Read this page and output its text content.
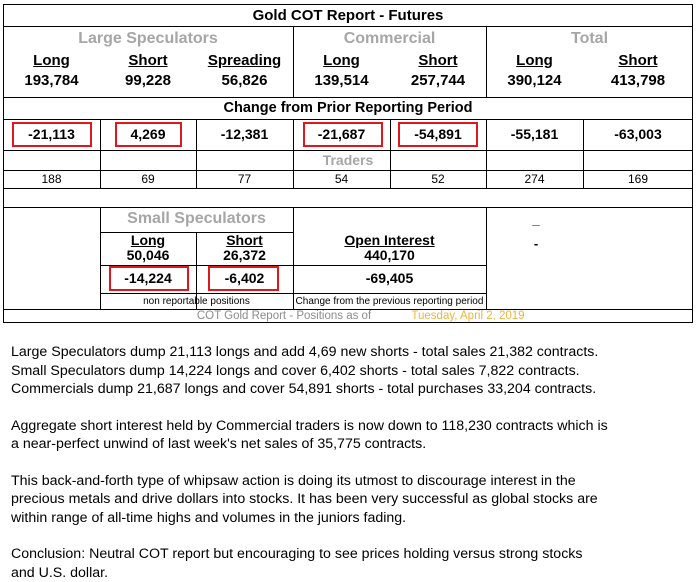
Gold COT Report - Futures
Large Speculators	Commercial	Total
Long	Short	Spreading	Long	Short	Long	Short
193,784	99,228	56,826	139,514	257,744	390,124	413,798
Change from Prior Reporting Period
-21,113	4,269	-12,381	-21,687	-54,891	-55,181	-63,003
Traders
188	69	77	54	52	274	169
Small Speculators
Long	Short
50,046	26,372
-14,224	-6,402
non reportable positions
Open Interest
440,170
-69,405
Change from the previous reporting period
_
-
COT Gold Report - Positions as of	Tuesday, April 2, 2019

Large Speculators dump 21,113 longs and add 4,69 new shorts - total sales 21,382 contracts.
Small Speculators dump 14,224 longs and cover 6,402 shorts - total sales 7,822 contracts.
Commercials dump 21,687 longs and cover 54,891 shorts - total purchases 33,204 contracts.

Aggregate short interest held by Commercial traders is now down to 118,230 contracts which is
a near-perfect unwind of last week's net sales of 35,775 contracts.

This back-and-forth type of whipsaw action is doing its utmost to discourage interest in the
precious metals and drive dollars into stocks. It has been very successful as global stocks are
within range of all-time highs and volumes in the juniors fading.

Conclusion: Neutral COT report but encouraging to see prices holding versus strong stocks
and U.S. dollar.
